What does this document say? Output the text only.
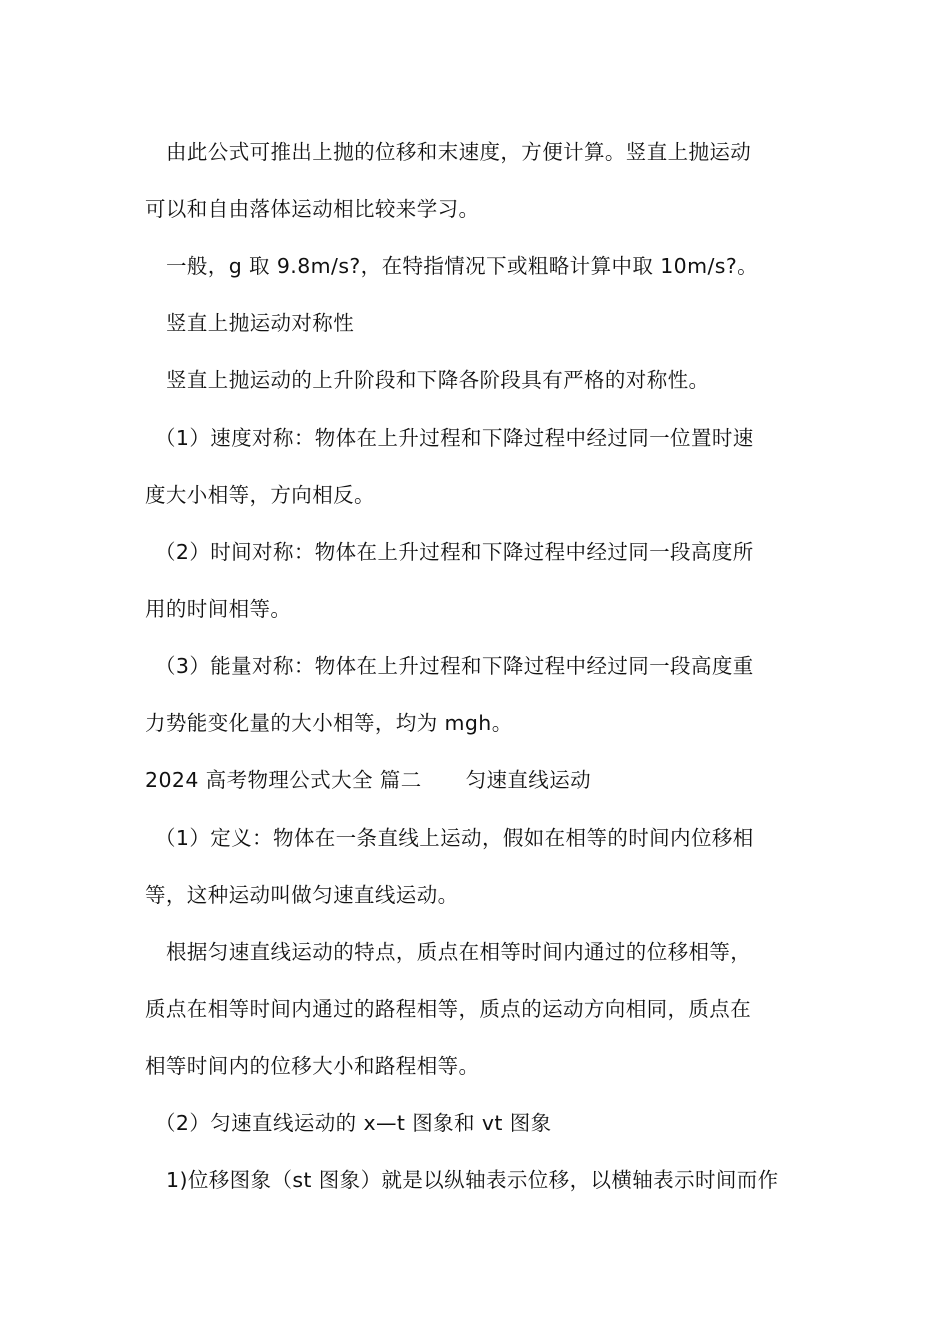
由此公式可推出上抛的位移和末速度，方便计算。竖直上抛运动
可以和自由落体运动相比较来学习。
一般，g 取 9.8m/s?，在特指情况下或粗略计算中取 10m/s?。
竖直上抛运动对称性
竖直上抛运动的上升阶段和下降各阶段具有严格的对称性。
（1）速度对称：物体在上升过程和下降过程中经过同一位置时速
度大小相等，方向相反。
（2）时间对称：物体在上升过程和下降过程中经过同一段高度所
用的时间相等。
（3）能量对称：物体在上升过程和下降过程中经过同一段高度重
力势能变化量的大小相等，均为 mgh。
2024 高考物理公式大全 篇二 匀速直线运动
（1）定义：物体在一条直线上运动，假如在相等的时间内位移相
等，这种运动叫做匀速直线运动。
根据匀速直线运动的特点，质点在相等时间内通过的位移相等，
质点在相等时间内通过的路程相等，质点的运动方向相同，质点在
相等时间内的位移大小和路程相等。
（2）匀速直线运动的 x—t 图象和 vt 图象
1)位移图象（st 图象）就是以纵轴表示位移，以横轴表示时间而作
